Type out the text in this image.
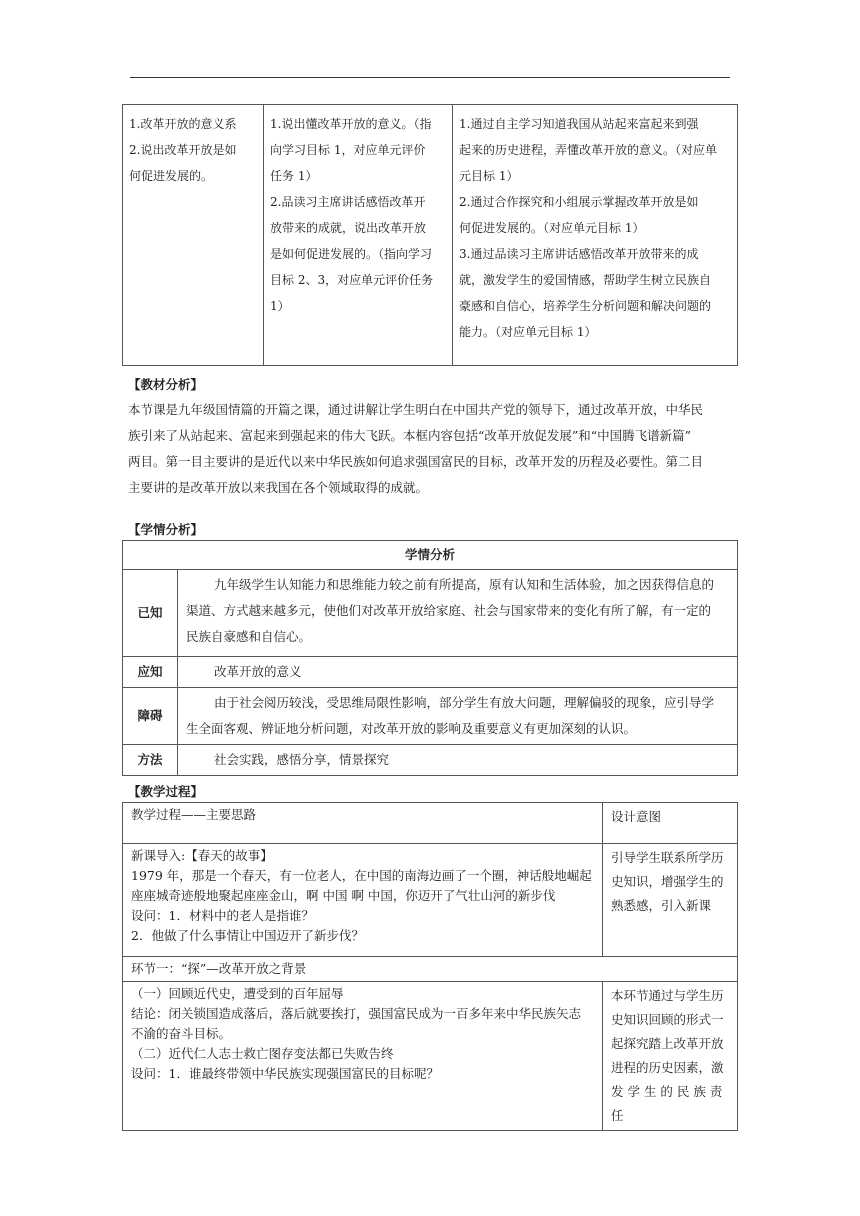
1.改革开放的意义系
2.说出改革开放是如
何促进发展的。

1.说出懂改革开放的意义。（指
向学习目标 1，对应单元评价
任务 1）
2.品读习主席讲话感悟改革开
放带来的成就，说出改革开放
是如何促进发展的。（指向学习
目标 2、3，对应单元评价任务
1）

1.通过自主学习知道我国从站起来富起来到强
起来的历史进程，弄懂改革开放的意义。（对应单
元目标 1）
2.通过合作探究和小组展示掌握改革开放是如
何促进发展的。（对应单元目标 1）
3.通过品读习主席讲话感悟改革开放带来的成
就，激发学生的爱国情感，帮助学生树立民族自
豪感和自信心，培养学生分析问题和解决问题的
能力。（对应单元目标 1）
【教材分析】
本节课是九年级国情篇的开篇之课，通过讲解让学生明白在中国共产党的领导下，通过改革开放，中华民
族引来了从站起来、富起来到强起来的伟大飞跃。本框内容包括“改革开放促发展”和“中国腾飞谱新篇”
两目。第一目主要讲的是近代以来中华民族如何追求强国富民的目标，改革开发的历程及必要性。第二目
主要讲的是改革开放以来我国在各个领域取得的成就。
【学情分析】
学情分析	
已知	九年级学生认知能力和思维能力较之前有所提高，原有认知和生活体验，加之因获得信息的
渠道、方式越来越多元，使他们对改革开放给家庭、社会与国家带来的变化有所了解，有一定的
民族自豪感和自信心。

应知	改革开放的意义

障碍	由于社会阅历较浅，受思维局限性影响，部分学生有放大问题，理解偏驳的现象，应引导学
生全面客观、辨证地分析问题，对改革开放的影响及重要意义有更加深刻的认识。

方法	社会实践，感悟分享，情景探究
【教学过程】
教学过程——主要思路	设计意图

新课导入:【春天的故事】
1979 年，那是一个春天，有一位老人，在中国的南海边画了一个圈，神话般地崛起
座座城奇迹般地聚起座座金山，啊 中国 啊 中国，你迈开了气壮山河的新步伐
设问：1．材料中的老人是指谁？
2．他做了什么事情让中国迈开了新步伐？	引导学生联系所学历
史知识，增强学生的
熟悉感，引入新课

环节一：“探”—改革开放之背景	

（一）回顾近代史，遭受到的百年屈辱
结论：闭关锁国造成落后，落后就要挨打，强国富民成为一百多年来中华民族矢志
不渝的奋斗目标。
（二）近代仁人志士救亡图存变法都已失败告终
设问：1．谁最终带领中华民族实现强国富民的目标呢？	本环节通过与学生历
史知识回顾的形式一
起探究踏上改革开放
进程的历史因素，激
发 学 生 的 民 族 责 任
